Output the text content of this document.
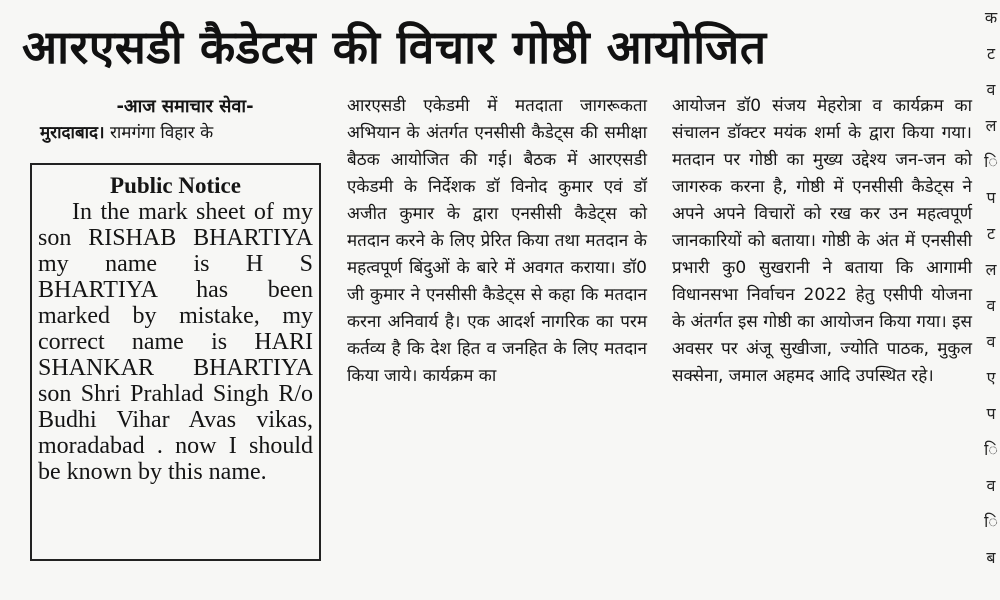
आरएसडी कैडेटस की विचार गोष्ठी आयोजित

-आज समाचार सेवा-

मुरादाबाद। रामगंगा विहार के

Public Notice

In the mark sheet of my son RISHAB BHARTIYA my name is H S BHARTIYA has been marked by mistake, my correct name is HARI SHANKAR BHARTIYA son Shri Prahlad Singh R/o Budhi Vihar Avas vikas, moradabad . now I should be known by this name.

आरएसडी एकेडमी में मतदाता जागरूकता अभियान के अंतर्गत एनसीसी कैडेट्स की समीक्षा बैठक आयोजित की गई। बैठक में आरएसडी एकेडमी के निर्देशक डॉ विनोद कुमार एवं डॉ अजीत कुमार के द्वारा एनसीसी कैडेट्स को मतदान करने के लिए प्रेरित किया तथा मतदान के महत्वपूर्ण बिंदुओं के बारे में अवगत कराया। डॉ0 जी कुमार ने एनसीसी कैडेट्स से कहा कि मतदान करना अनिवार्य है। एक आदर्श नागरिक का परम कर्तव्य है कि देश हित व जनहित के लिए मतदान किया जाये। कार्यक्रम का

आयोजन डॉ0 संजय मेहरोत्रा व कार्यक्रम का संचालन डॉक्टर मयंक शर्मा के द्वारा किया गया। मतदान पर गोष्ठी का मुख्य उद्देश्य जन-जन को जागरुक करना है, गोष्ठी में एनसीसी कैडेट्स ने अपने अपने विचारों को रख कर उन महत्वपूर्ण जानकारियों को बताया। गोष्ठी के अंत में एनसीसी प्रभारी कु0 सुखरानी ने बताया कि आगामी विधानसभा निर्वाचन 2022 हेतु एसीपी योजना के अंतर्गत इस गोष्ठी का आयोजन किया गया। इस अवसर पर अंजू सुखीजा, ज्योति पाठक, मुकुल सक्सेना, जमाल अहमद आदि उपस्थित रहे।

क
ट
व
ल
ि
प
ट
ल
व
व
ए
प
ि
व
ि
ब
